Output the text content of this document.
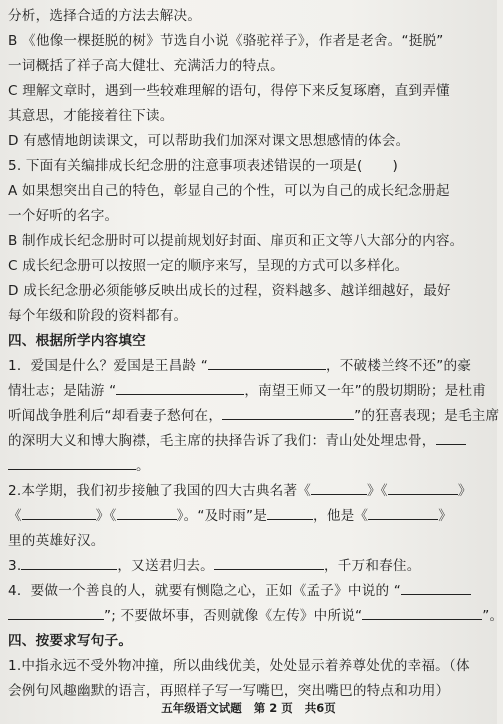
分析，选择合适的方法去解决。
B 《他像一棵挺脱的树》节选自小说《骆驼祥子》，作者是老舍。“挺脱”
一词概括了祥子高大健壮、充满活力的特点。
C 理解文章时，遇到一些较难理解的语句，得停下来反复琢磨，直到弄懂
其意思，才能接着往下读。
D 有感情地朗读课文，可以帮助我们加深对课文思想感情的体会。
5. 下面有关编排成长纪念册的注意事项表述错误的一项是( )
A 如果想突出自己的特色，彰显自己的个性，可以为自己的成长纪念册起
一个好听的名字。
B 制作成长纪念册时可以提前规划好封面、扉页和正文等八大部分的内容。
C 成长纪念册可以按照一定的顺序来写，呈现的方式可以多样化。
D 成长纪念册必须能够反映出成长的过程，资料越多、越详细越好，最好
每个年级和阶段的资料都有。
四、根据所学内容填空
1．爱国是什么？爱国是王昌龄 “	，不破楼兰终不还”的豪
情壮志；是陆游 “	，南望王师又一年”的殷切期盼；是杜甫
听闻战争胜利后“却看妻子愁何在，	”的狂喜表现；是毛主席
的深明大义和博大胸襟，毛主席的抉择告诉了我们：青山处处埋忠骨，
。
2.本学期，我们初步接触了我国的四大古典名著《	》《	》
《	》《	》。“及时雨”是	，他是《	》
里的英雄好汉。
3.	，又送君归去。	，千万和春住。
4．要做一个善良的人，就要有恻隐之心，正如《孟子》中说的 “
”; 不要做坏事，否则就像《左传》中所说“	”。
四、按要求写句子。
1.中指永远不受外物冲撞，所以曲线优美，处处显示着养尊处优的幸福。（体
会例句风趣幽默的语言，再照样子写一写嘴巴，突出嘴巴的特点和功用）
五年级语文试题 第 2 页 共6页
